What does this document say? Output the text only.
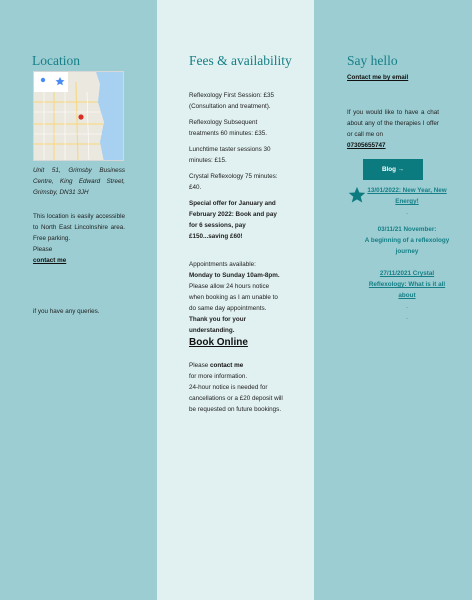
Location

Unit 51, Grimsby Business Centre, King Edward Street, Grimsby, DN31 3JH

This location is easily accessible to North East Lincolnshire area. Free parking.
Please
contact me

if you have any queries.

Fees & availability

Reflexology First Session: £35 (Consultation and treatment).

Reflexology Subsequent treatments 60 minutes: £35.

Lunchtime taster sessions 30 minutes: £15.

Crystal Reflexology 75 minutes: £40.

Special offer for January and February 2022: Book and pay for 6 sessions, pay £150...saving £60!

Appointments available:
Monday to Sunday 10am-8pm.
Please allow 24 hours notice when booking as I am unable to do same day appointments.
Thank you for your understanding.
Book Online
Please contact me
for more information.
24-hour notice is needed for cancellations or a £20 deposit will be requested on future bookings.
Say hello
Contact me by email
If you would like to have a chat about any of the therapies I offer or call me on
07305655747
Blog →
13/01/2022: New Year, New Energy!
.
03/11/21 November:
A beginning of a reflexology journey
27/11/2021 Crystal Reflexology: What is it all about
.
.
